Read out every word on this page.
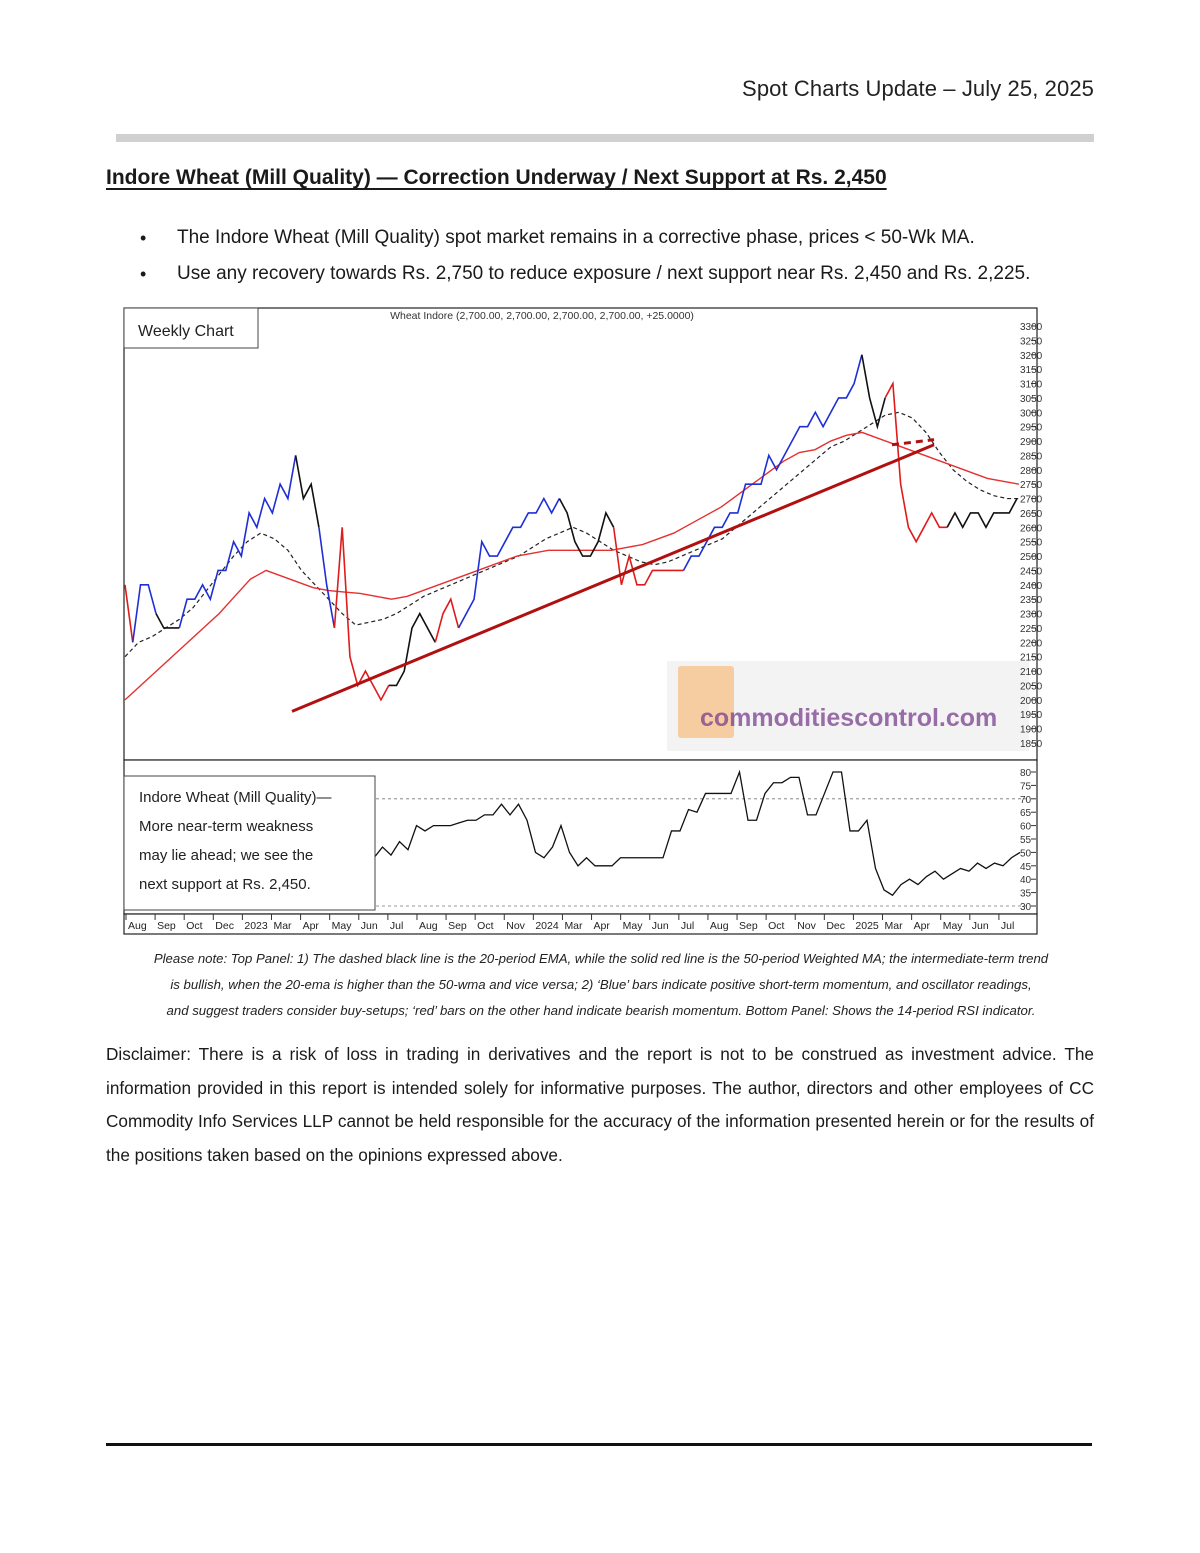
Spot Charts Update – July 25, 2025
Indore Wheat (Mill Quality) — Correction Underway / Next Support at Rs. 2,450
• The Indore Wheat (Mill Quality) spot market remains in a corrective phase, prices < 50-Wk MA.
• Use any recovery towards Rs. 2,750 to reduce exposure / next support near Rs. 2,450 and Rs. 2,225.
commoditiescontrol.com
Wheat Indore (2,700.00, 2,700.00, 2,700.00, 2,700.00, +25.0000)
Weekly Chart	3300
3250
3200
3150
3100
3050
3000
2950
2900
2850
2800
2750
2700
2650
2600
2550
2500
2450
2400
2350
2300
2250
2200
2150
2100
2050
2000
1950
1900
1850
80
75
70
65
60
55
50
45
40
35
30
Indore Wheat (Mill Quality)—
More near-term weakness
may lie ahead; we see the
next support at Rs. 2,450.
Aug Sep Oct Dec 2023 Mar Apr May Jun Jul Aug Sep Oct Nov 2024 Mar Apr May Jun Jul Aug Sep Oct Nov Dec 2025 Mar Apr May Jun Jul
Please note: Top Panel: 1) The dashed black line is the 20-period EMA, while the solid red line is the 50-period Weighted MA; the intermediate-term trend
is bullish, when the 20-ema is higher than the 50-wma and vice versa; 2) ‘Blue’ bars indicate positive short-term momentum, and oscillator readings,
and suggest traders consider buy-setups; ‘red’ bars on the other hand indicate bearish momentum. Bottom Panel: Shows the 14-period RSI indicator.
Disclaimer: There is a risk of loss in trading in derivatives and the report is not to be construed as investment advice. The information provided in this report is intended solely for informative purposes. The author, directors and other employees of CC Commodity Info Services LLP cannot be held responsible for the accuracy of the information presented herein or for the results of the positions taken based on the opinions expressed above.
